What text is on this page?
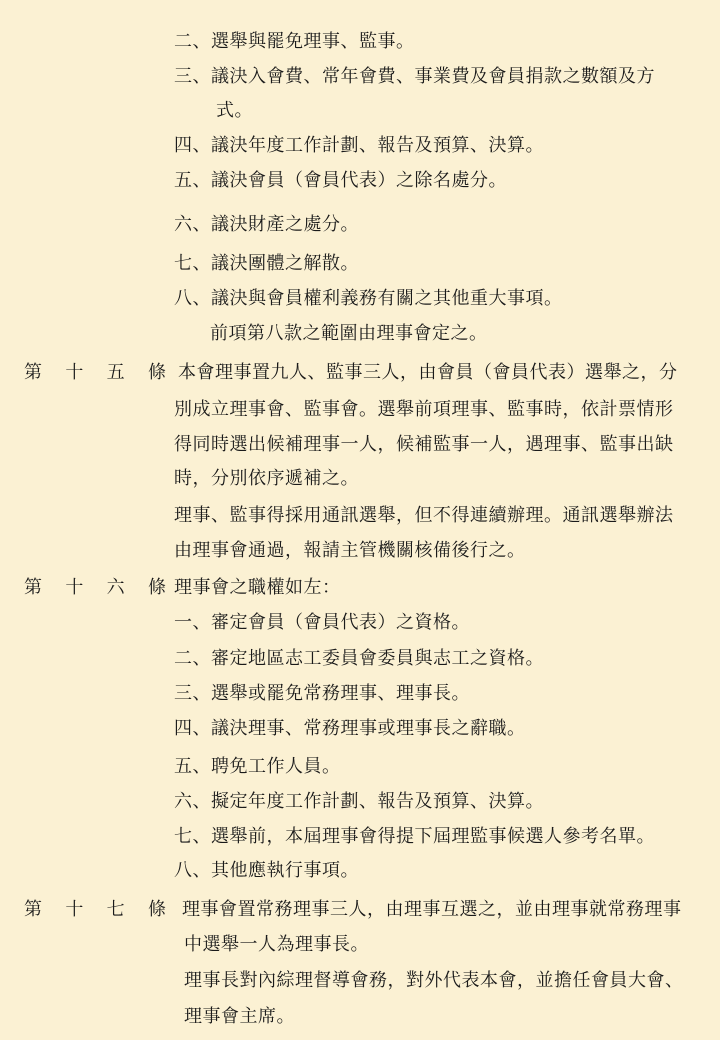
二、選舉與罷免理事、監事。
三、議決入會費、常年會費、事業費及會員捐款之數額及方
式。
四、議決年度工作計劃、報告及預算、決算。
五、議決會員（會員代表）之除名處分。
六、議決財產之處分。
七、議決團體之解散。
八、議決與會員權利義務有關之其他重大事項。
前項第八款之範圍由理事會定之。
第 十 五 條 本會理事置九人、監事三人，由會員（會員代表）選舉之，分
別成立理事會、監事會。選舉前項理事、監事時，依計票情形
得同時選出候補理事一人，候補監事一人，遇理事、監事出缺
時，分別依序遞補之。
理事、監事得採用通訊選舉，但不得連續辦理。通訊選舉辦法
由理事會通過，報請主管機關核備後行之。
第 十 六 條 理事會之職權如左：
一、審定會員（會員代表）之資格。
二、審定地區志工委員會委員與志工之資格。
三、選舉或罷免常務理事、理事長。
四、議決理事、常務理事或理事長之辭職。
五、聘免工作人員。
六、擬定年度工作計劃、報告及預算、決算。
七、選舉前，本屆理事會得提下屆理監事候選人參考名單。
八、其他應執行事項。
第 十 七 條 理事會置常務理事三人，由理事互選之，並由理事就常務理事
中選舉一人為理事長。
理事長對內綜理督導會務，對外代表本會，並擔任會員大會、
理事會主席。
